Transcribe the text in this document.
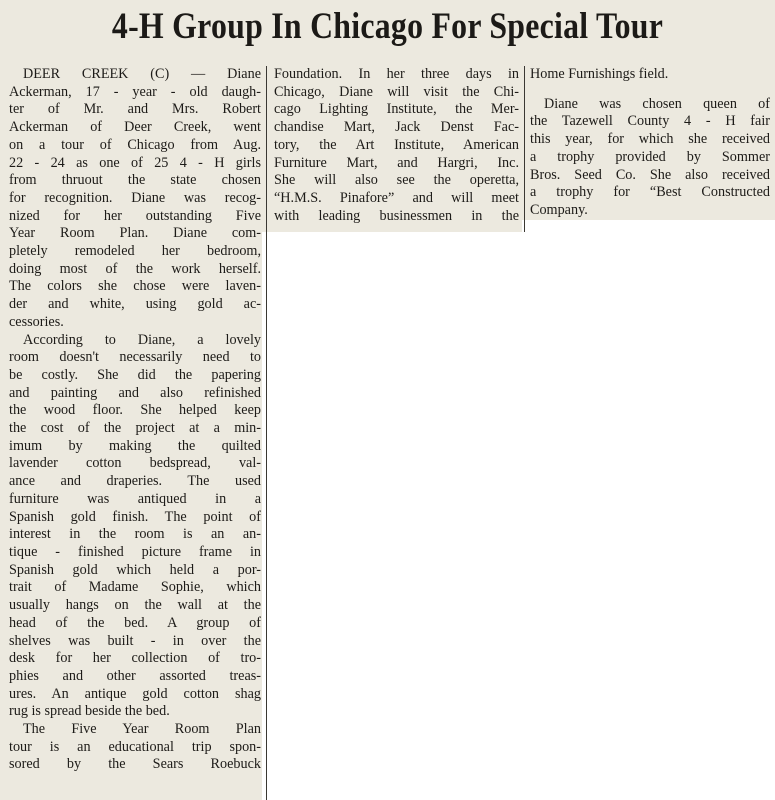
4-H Group In Chicago For Special Tour

DEER CREEK (C) — Diane
Ackerman, 17 - year - old daugh-
ter of Mr. and Mrs. Robert
Ackerman of Deer Creek, went
on a tour of Chicago from Aug.
22 - 24 as one of 25 4 - H girls
from thruout the state chosen
for recognition. Diane was recog-
nized for her outstanding Five
Year Room Plan. Diane com-
pletely remodeled her bedroom,
doing most of the work herself.
The colors she chose were laven-
der and white, using gold ac-
cessories.

According to Diane, a lovely
room doesn't necessarily need to
be costly. She did the papering
and painting and also refinished
the wood floor. She helped keep
the cost of the project at a min-
imum by making the quilted
lavender cotton bedspread, val-
ance and draperies. The used
furniture was antiqued in a
Spanish gold finish. The point of
interest in the room is an an-
tique - finished picture frame in
Spanish gold which held a por-
trait of Madame Sophie, which
usually hangs on the wall at the
head of the bed. A group of
shelves was built - in over the
desk for her collection of tro-
phies and other assorted treas-
ures. An antique gold cotton shag
rug is spread beside the bed.

The Five Year Room Plan
tour is an educational trip spon-
sored by the Sears Roebuck

Foundation. In her three days in
Chicago, Diane will visit the Chi-
cago Lighting Institute, the Mer-
chandise Mart, Jack Denst Fac-
tory, the Art Institute, American
Furniture Mart, and Hargri, Inc.
She will also see the operetta,
“H.M.S. Pinafore” and will meet
with leading businessmen in the

Home Furnishings field.

Diane was chosen queen of
the Tazewell County 4 - H fair
this year, for which she received
a trophy provided by Sommer
Bros. Seed Co. She also received
a trophy for “Best Constructed
Company.
